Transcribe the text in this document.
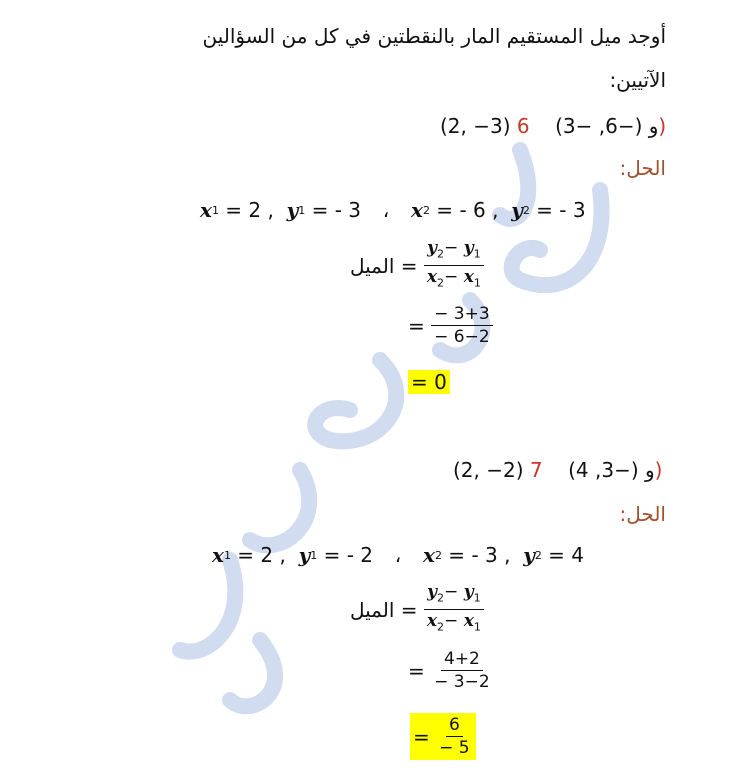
أوجد ميل المستقيم المار بالنقطتين في كل من السؤالين
الآتيين:
(2, −3)	و (−6, −3)    6)
الحل:
x 1 = 2 , y 1 = - 3	،	x 2 = - 6 , y 2 = - 3
الميل = $\frac{y_2- y_1}{x_2- x_1}$
= $\frac{- 3+3}{- 6-2}$
= 0
(2, −2)	و (−3, 4)    7)
الحل:
x 1 = 2 , y 1 = - 2	،	x 2 = - 3 , y 2 = 4
الميل = $\frac{y_2- y_1}{x_2- x_1}$
= $\frac{4+2}{- 3-2}$
= $\frac{6}{- 5}$
